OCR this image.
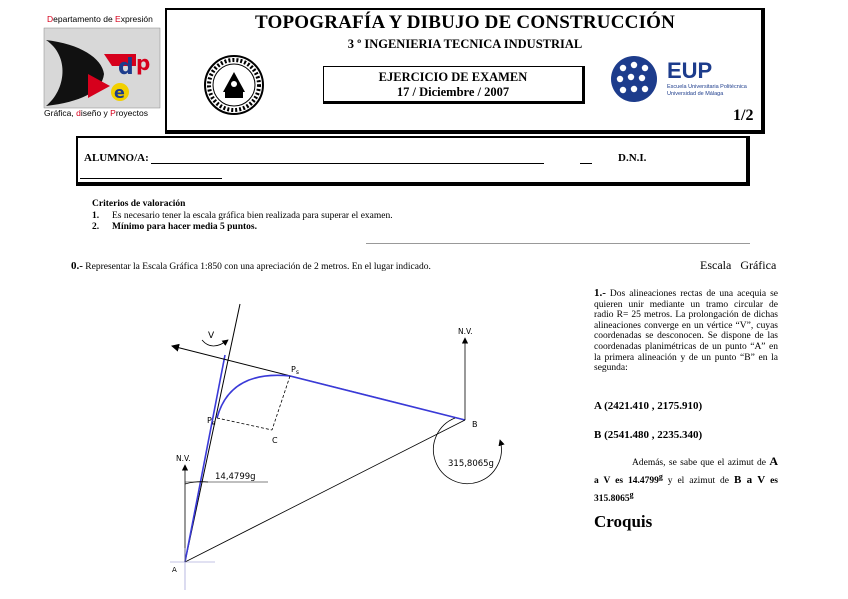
TOPOGRAFÍA Y DIBUJO DE CONSTRUCCIÓN
3 º INGENIERIA TECNICA INDUSTRIAL
EJERCICIO DE EXAMEN
17 / Diciembre / 2007
1/2
d p
e
Departamento de Expresión
Gráfica, diseño y Proyectos
EUP
Escuela Universitaria Politécnica
Universidad de Málaga
ALUMNO/A:	D.N.I.
Criterios de valoración
1. Es necesario tener la escala gráfica bien realizada para superar el examen.
2. Mínimo para hacer media 5 puntos.
0.- Representar la Escala Gráfica 1:850 con una apreciación de 2 metros. En el lugar indicado.	Escala Gráfica
1.- Dos alineaciones rectas de una acequia se quieren unir mediante un tramo circular de radio R= 25 metros. La prolongación de dichas alineaciones converge en un vértice “V”, cuyas coordenadas se desconocen. Se dispone de las coordenadas planimétricas de un punto “A” en la primera alineación y de un punto “B” en la segunda:
A (2421.410 , 2175.910)
B (2541.480 , 2235.340)
Además, se sabe que el azimut de A a V es 14.4799$^g$ y el azimut de B a V es 315.8065$^g$
Croquis
V
$P_s$
$P_e$
C
B
A
N.V.
N.V.
14,4799g
315,8065g
